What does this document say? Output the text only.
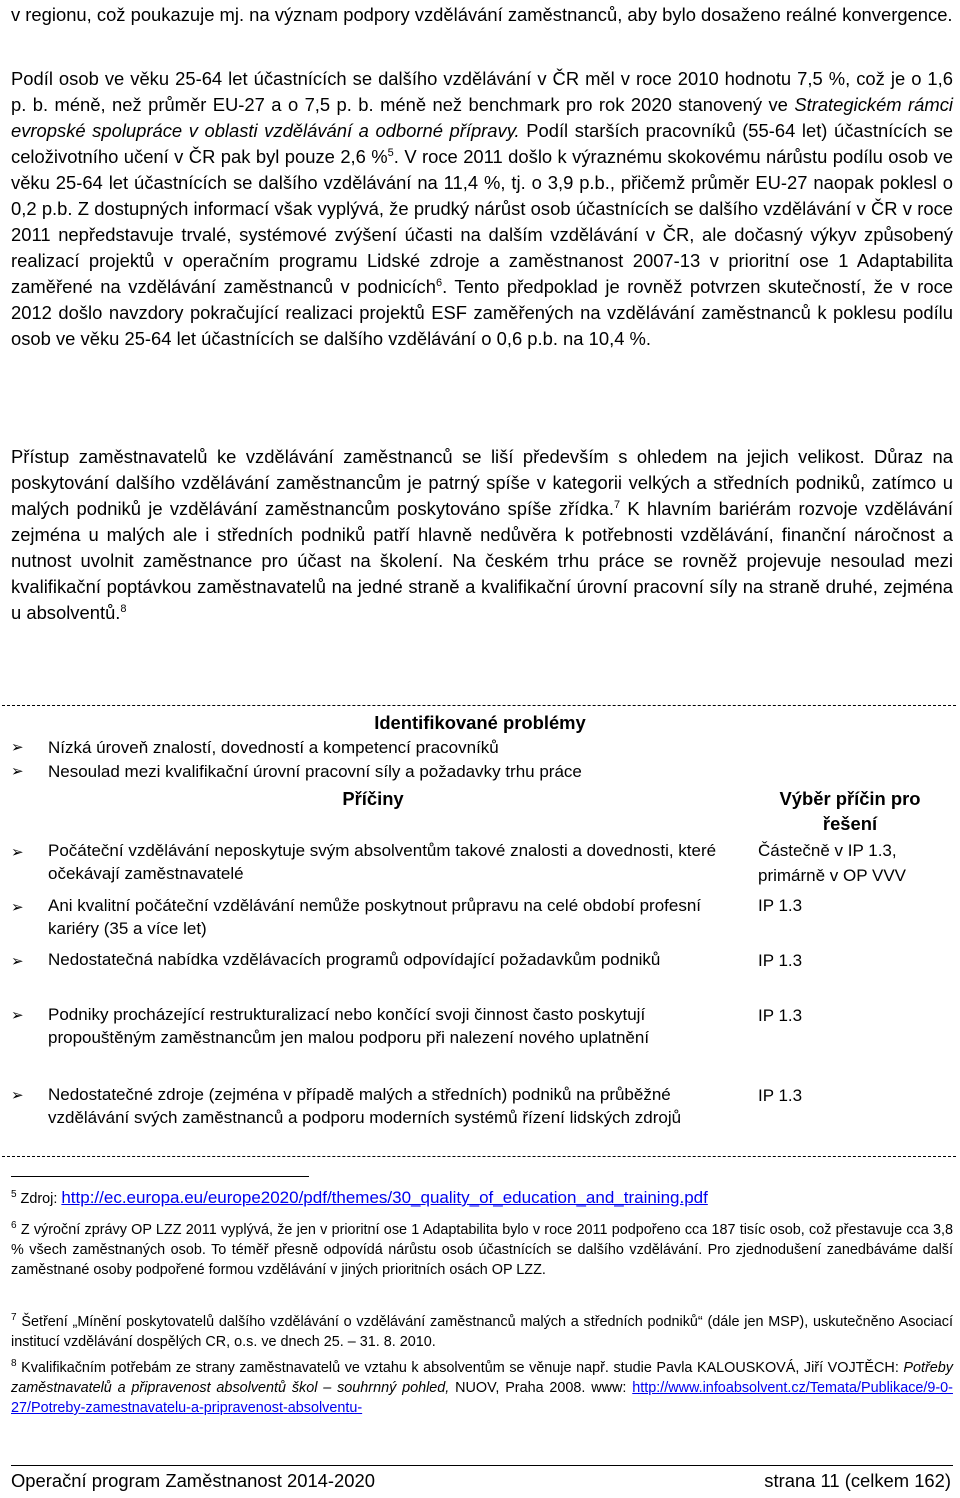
v regionu, což poukazuje mj. na význam podpory vzdělávání zaměstnanců, aby bylo dosaženo reálné konvergence.

Podíl osob ve věku 25-64 let účastnících se dalšího vzdělávání v ČR měl v roce 2010 hodnotu 7,5 %, což je o 1,6 p. b. méně, než průměr EU-27 a o 7,5 p. b. méně než benchmark pro rok 2020 stanovený ve Strategickém rámci evropské spolupráce v oblasti vzdělávání a odborné přípravy. Podíl starších pracovníků (55-64 let) účastnících se celoživotního učení v ČR pak byl pouze 2,6 %$^5$. V roce 2011 došlo k výraznému skokovému nárůstu podílu osob ve věku 25-64 let účastnících se dalšího vzdělávání na 11,4 %, tj. o 3,9 p.b., přičemž průměr EU-27 naopak poklesl o 0,2 p.b. Z dostupných informací však vyplývá, že prudký nárůst osob účastnících se dalšího vzdělávání v ČR v roce 2011 nepředstavuje trvalé, systémové zvýšení účasti na dalším vzdělávání v ČR, ale dočasný výkyv způsobený realizací projektů v operačním programu Lidské zdroje a zaměstnanost 2007-13 v prioritní ose 1 Adaptabilita zaměřené na vzdělávání zaměstnanců v podnicích$^6$. Tento předpoklad je rovněž potvrzen skutečností, že v roce 2012 došlo navzdory pokračující realizaci projektů ESF zaměřených na vzdělávání zaměstnanců k poklesu podílu osob ve věku 25-64 let účastnících se dalšího vzdělávání o 0,6 p.b. na 10,4 %.

Přístup zaměstnavatelů ke vzdělávání zaměstnanců se liší především s ohledem na jejich velikost. Důraz na poskytování dalšího vzdělávání zaměstnancům je patrný spíše v kategorii velkých a středních podniků, zatímco u malých podniků je vzdělávání zaměstnancům poskytováno spíše zřídka.$^7$ K hlavním bariérám rozvoje vzdělávání zejména u malých ale i středních podniků patří hlavně nedůvěra k potřebnosti vzdělávání, finanční náročnost a nutnost uvolnit zaměstnance pro účast na školení. Na českém trhu práce se rovněž projevuje nesoulad mezi kvalifikační poptávkou zaměstnavatelů na jedné straně a kvalifikační úrovní pracovní síly na straně druhé, zejména u absolventů.$^8$

Identifikované problémy
➢ Nízká úroveň znalostí, dovedností a kompetencí pracovníků
➢ Nesoulad mezi kvalifikační úrovní pracovní síly a požadavky trhu práce
Příčiny	Výběr příčin pro řešení
➢ Počáteční vzdělávání neposkytuje svým absolventům takové znalosti a dovednosti, které očekávají zaměstnavatelé
Částečně v IP 1.3, primárně v OP VVV
➢ Ani kvalitní počáteční vzdělávání nemůže poskytnout průpravu na celé období profesní kariéry (35 a více let)
IP 1.3
➢ Nedostatečná nabídka vzdělávacích programů odpovídající požadavkům podniků	IP 1.3
➢ Podniky procházející restrukturalizací nebo končící svoji činnost často poskytují propouštěným zaměstnancům jen malou podporu při nalezení nového uplatnění
IP 1.3
➢ Nedostatečné zdroje (zejména v případě malých a středních) podniků na průběžné vzdělávání svých zaměstnanců a podporu moderních systémů řízení lidských zdrojů
IP 1.3
$^5$ Zdroj: http://ec.europa.eu/europe2020/pdf/themes/30_quality_of_education_and_training.pdf
$^6$ Z výroční zprávy OP LZZ 2011 vyplývá, že jen v prioritní ose 1 Adaptabilita bylo v roce 2011 podpořeno cca 187 tisíc osob, což přestavuje cca 3,8 % všech zaměstnaných osob. To téměř přesně odpovídá nárůstu osob účastnících se dalšího vzdělávání. Pro zjednodušení zanedbáváme další zaměstnané osoby podpořené formou vzdělávání v jiných prioritních osách OP LZZ.
$^7$ Šetření „Mínění poskytovatelů dalšího vzdělávání o vzdělávání zaměstnanců malých a středních podniků“ (dále jen MSP), uskutečněno Asociací institucí vzdělávání dospělých CR, o.s. ve dnech 25. – 31. 8. 2010.
$^8$ Kvalifikačním potřebám ze strany zaměstnavatelů ve vztahu k absolventům se věnuje např. studie Pavla KALOUSKOVÁ, Jiří VOJTĚCH: Potřeby zaměstnavatelů a připravenost absolventů škol – souhrnný pohled, NUOV, Praha 2008. www: http://www.infoabsolvent.cz/Temata/Publikace/9-0-27/Potreby-zamestnavatelu-a-pripravenost-absolventu-
Operační program Zaměstnanost 2014-2020	strana 11 (celkem 162)
